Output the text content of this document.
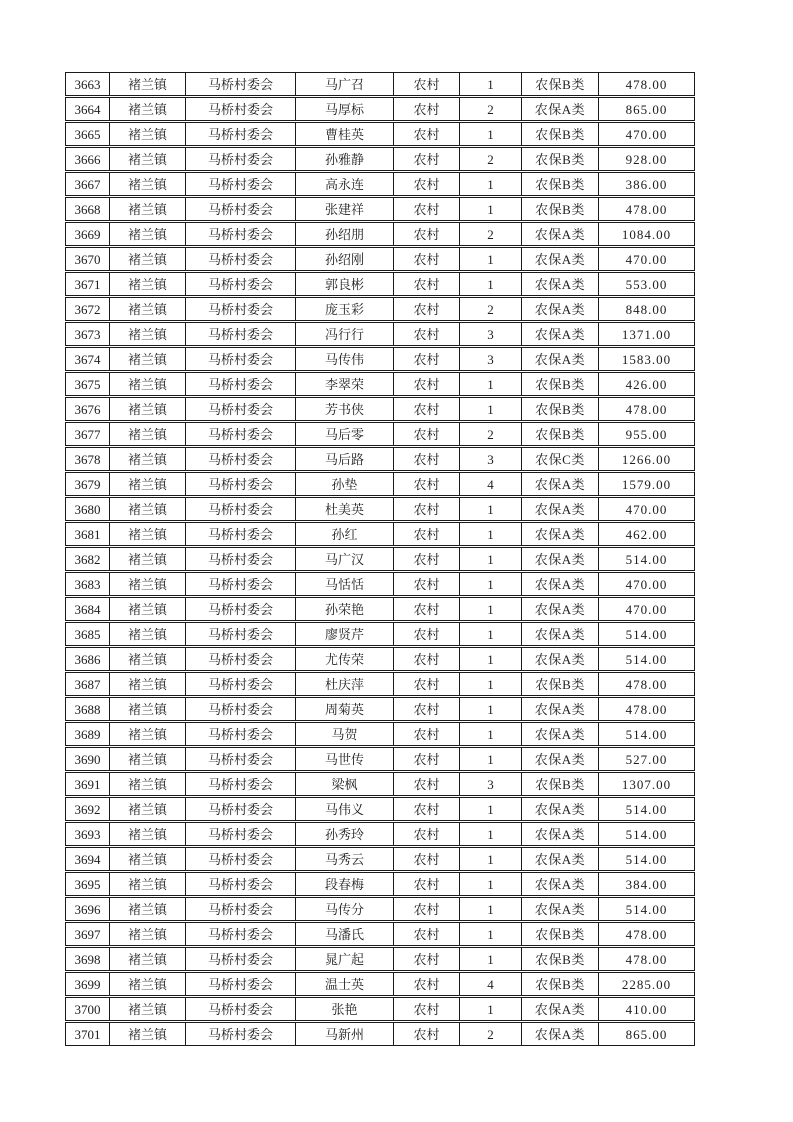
3663	褚兰镇	马桥村委会	马广召	农村	1	农保B类	478.00
3664	褚兰镇	马桥村委会	马厚标	农村	2	农保A类	865.00
3665	褚兰镇	马桥村委会	曹桂英	农村	1	农保B类	470.00
3666	褚兰镇	马桥村委会	孙雅静	农村	2	农保B类	928.00
3667	褚兰镇	马桥村委会	高永连	农村	1	农保B类	386.00
3668	褚兰镇	马桥村委会	张建祥	农村	1	农保B类	478.00
3669	褚兰镇	马桥村委会	孙绍朋	农村	2	农保A类	1084.00
3670	褚兰镇	马桥村委会	孙绍刚	农村	1	农保A类	470.00
3671	褚兰镇	马桥村委会	郭良彬	农村	1	农保A类	553.00
3672	褚兰镇	马桥村委会	庞玉彩	农村	2	农保A类	848.00
3673	褚兰镇	马桥村委会	冯行行	农村	3	农保A类	1371.00
3674	褚兰镇	马桥村委会	马传伟	农村	3	农保A类	1583.00
3675	褚兰镇	马桥村委会	李翠荣	农村	1	农保B类	426.00
3676	褚兰镇	马桥村委会	芳书侠	农村	1	农保B类	478.00
3677	褚兰镇	马桥村委会	马后零	农村	2	农保B类	955.00
3678	褚兰镇	马桥村委会	马后路	农村	3	农保C类	1266.00
3679	褚兰镇	马桥村委会	孙垫	农村	4	农保A类	1579.00
3680	褚兰镇	马桥村委会	杜美英	农村	1	农保A类	470.00
3681	褚兰镇	马桥村委会	孙红	农村	1	农保A类	462.00
3682	褚兰镇	马桥村委会	马广汉	农村	1	农保A类	514.00
3683	褚兰镇	马桥村委会	马恬恬	农村	1	农保A类	470.00
3684	褚兰镇	马桥村委会	孙荣艳	农村	1	农保A类	470.00
3685	褚兰镇	马桥村委会	廖贤芹	农村	1	农保A类	514.00
3686	褚兰镇	马桥村委会	尤传荣	农村	1	农保A类	514.00
3687	褚兰镇	马桥村委会	杜庆萍	农村	1	农保B类	478.00
3688	褚兰镇	马桥村委会	周菊英	农村	1	农保A类	478.00
3689	褚兰镇	马桥村委会	马贺	农村	1	农保A类	514.00
3690	褚兰镇	马桥村委会	马世传	农村	1	农保A类	527.00
3691	褚兰镇	马桥村委会	梁枫	农村	3	农保B类	1307.00
3692	褚兰镇	马桥村委会	马伟义	农村	1	农保A类	514.00
3693	褚兰镇	马桥村委会	孙秀玲	农村	1	农保A类	514.00
3694	褚兰镇	马桥村委会	马秀云	农村	1	农保A类	514.00
3695	褚兰镇	马桥村委会	段春梅	农村	1	农保A类	384.00
3696	褚兰镇	马桥村委会	马传分	农村	1	农保A类	514.00
3697	褚兰镇	马桥村委会	马潘氏	农村	1	农保B类	478.00
3698	褚兰镇	马桥村委会	晁广起	农村	1	农保B类	478.00
3699	褚兰镇	马桥村委会	温士英	农村	4	农保B类	2285.00
3700	褚兰镇	马桥村委会	张艳	农村	1	农保A类	410.00
3701	褚兰镇	马桥村委会	马新州	农村	2	农保A类	865.00
